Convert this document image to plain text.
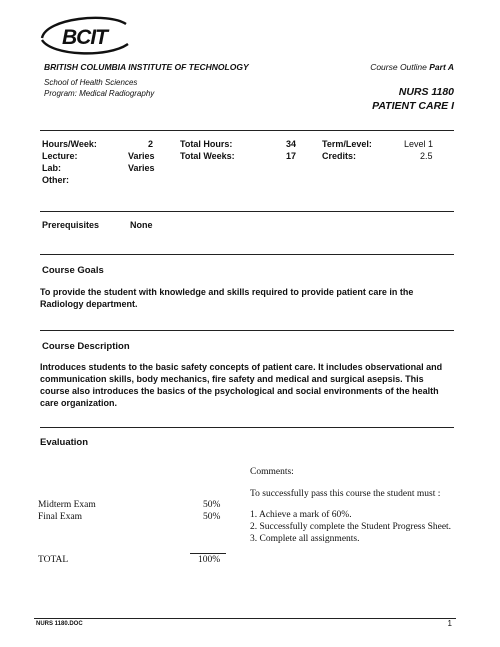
BCIT
BRITISH COLUMBIA INSTITUTE OF TECHNOLOGY	Course Outline Part A
School of Health Sciences
Program: Medical Radiography	NURS 1180
PATIENT CARE I
Hours/Week:	2
Lecture:	Varies
Lab:	Varies
Other:
Total Hours:	34
Total Weeks:	17
Term/Level:	Level 1
Credits:	2.5
Prerequisites	None
Course Goals
To provide the student with knowledge and skills required to provide patient care in the Radiology department.
Course Description
Introduces students to the basic safety concepts of patient care. It includes observational and communication skills, body mechanics, fire safety and medical and surgical asepsis. This course also introduces the basics of the psychological and social environments of the health care organization.
Evaluation
Comments:
To successfully pass this course the student must :
1. Achieve a mark of 60%.
2. Successfully complete the Student Progress Sheet.
3. Complete all assignments.
Midterm Exam	50%
Final Exam	50%
TOTAL	100%
NURS 1180.DOC	1
